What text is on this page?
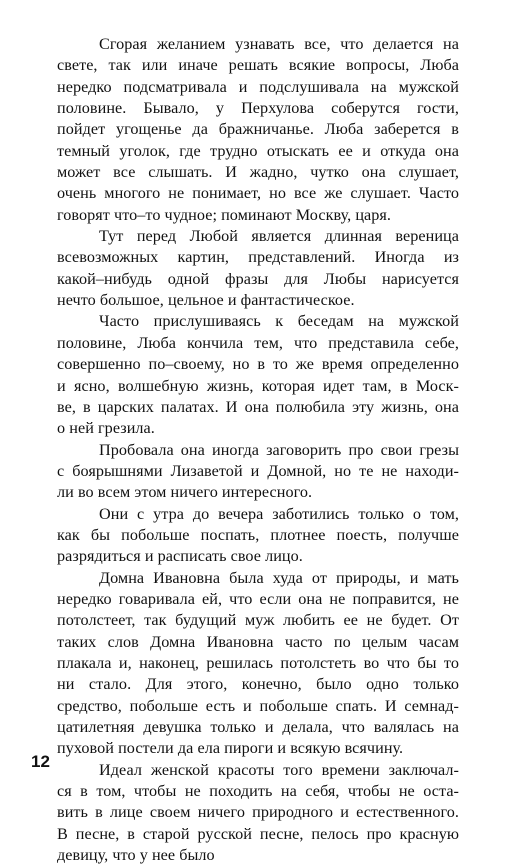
Сгорая желанием узнавать все, что делается на
свете, так или иначе решать всякие вопросы, Люба
нередко подсматривала и подслушивала на мужской
половине. Бывало, у Перхулова соберутся гости,
пойдет угощенье да бражничанье. Люба заберется в
темный уголок, где трудно отыскать ее и откуда она
может все слышать. И жадно, чутко она слушает,
очень многого не понимает, но все же слушает. Часто
говорят что–то чудное; поминают Москву, царя.
Тут перед Любой является длинная вереница
всевозможных картин, представлений. Иногда из
какой–нибудь одной фразы для Любы нарисуется
нечто большое, цельное и фантастическое.
Часто прислушиваясь к беседам на мужской
половине, Люба кончила тем, что представила себе,
совершенно по–своему, но в то же время определенно
и ясно, волшебную жизнь, которая идет там, в Моск-
ве, в царских палатах. И она полюбила эту жизнь, она
о ней грезила.
Пробовала она иногда заговорить про свои грезы
с боярышнями Лизаветой и Домной, но те не находи-
ли во всем этом ничего интересного.
Они с утра до вечера заботились только о том,
как бы побольше поспать, плотнее поесть, получше
разрядиться и расписать свое лицо.
Домна Ивановна была худа от природы, и мать
нередко говаривала ей, что если она не поправится, не
потолстеет, так будущий муж любить ее не будет. От
таких слов Домна Ивановна часто по целым часам
плакала и, наконец, решилась потолстеть во что бы то
ни стало. Для этого, конечно, было одно только
средство, побольше есть и побольше спать. И семнад-
цатилетняя девушка только и делала, что валялась на
пуховой постели да ела пироги и всякую всячину.
Идеал женской красоты того времени заключал-
ся в том, чтобы не походить на себя, чтобы не оста-
вить в лице своем ничего природного и естественного.
В песне, в старой русской песне, пелось про красную
девицу, что у нее было
12
